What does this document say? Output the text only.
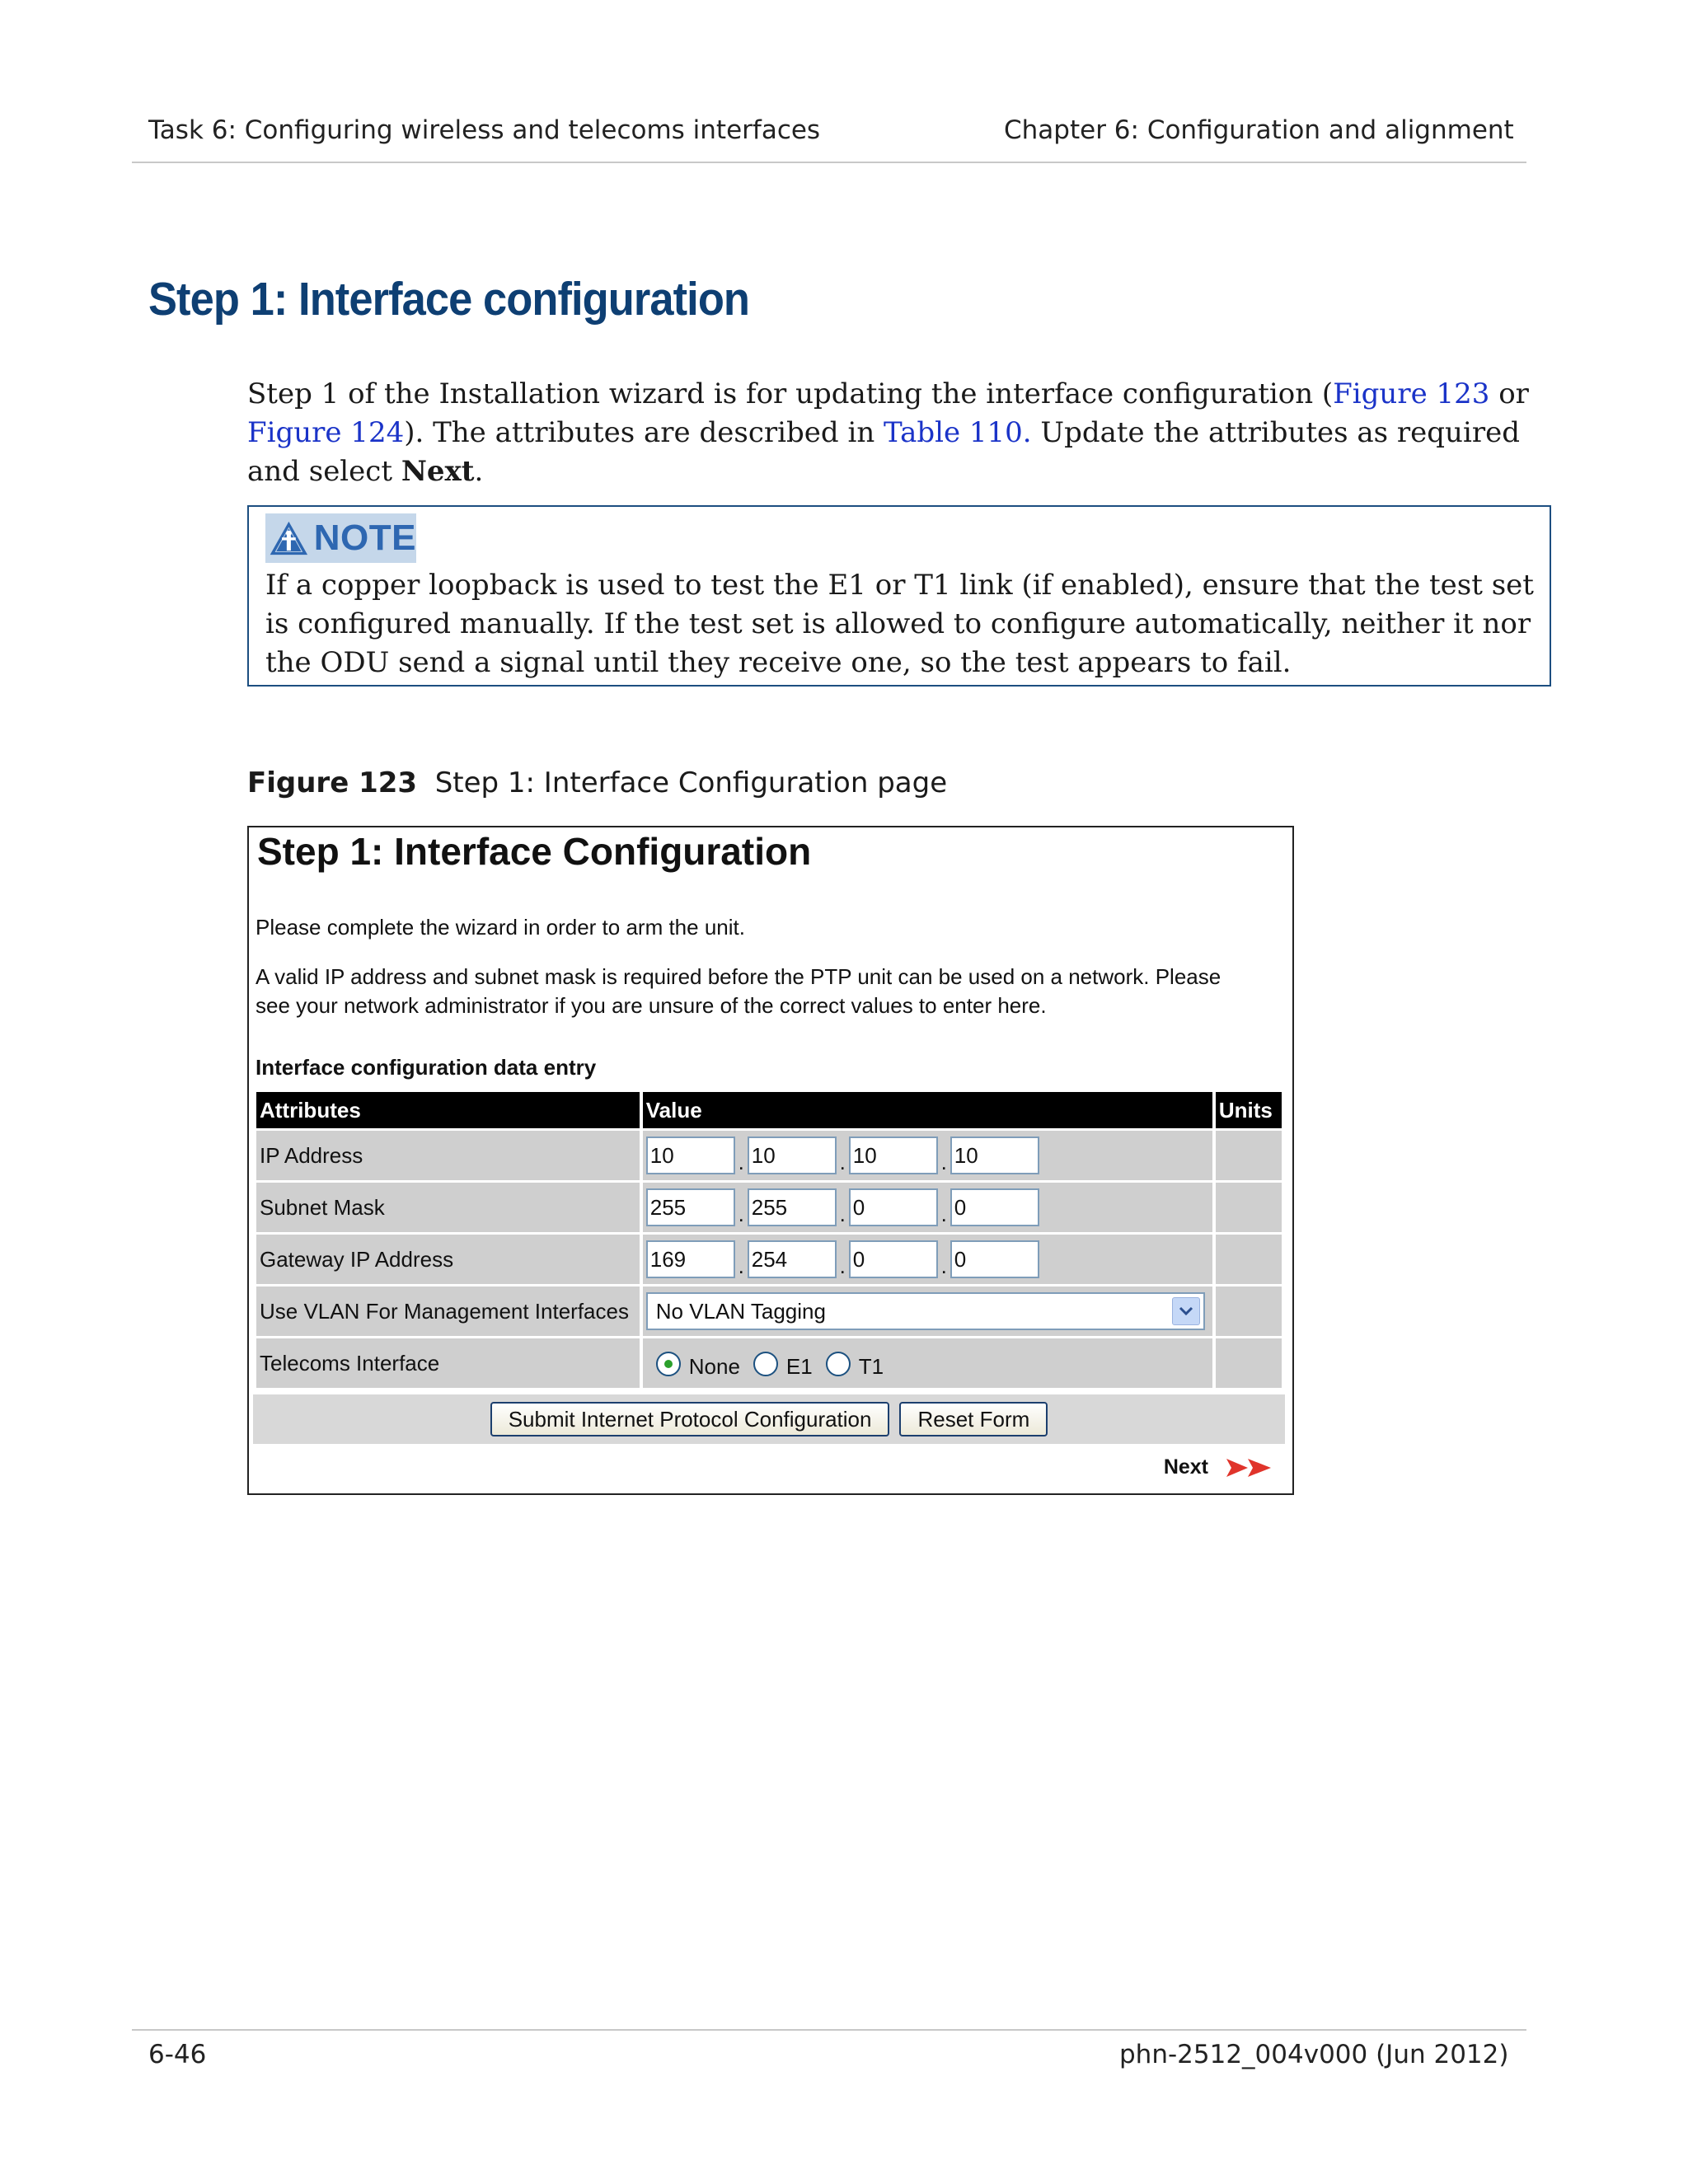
Task 6: Configuring wireless and telecoms interfaces	Chapter 6: Configuration and alignment
Step 1: Interface configuration
Step 1 of the Installation wizard is for updating the interface configuration (Figure 123 or
Figure 124). The attributes are described in Table 110. Update the attributes as required
and select Next.
NOTE
If a copper loopback is used to test the E1 or T1 link (if enabled), ensure that the test set is configured manually. If the test set is allowed to configure automatically, neither it nor the ODU send a signal until they receive one, so the test appears to fail.
Figure 123 Step 1: Interface Configuration page
Step 1: Interface Configuration
Please complete the wizard in order to arm the unit.
A valid IP address and subnet mask is required before the PTP unit can be used on a network. Please
see your network administrator if you are unsure of the correct values to enter here.
Interface configuration data entry
Attributes	Value	Units
IP Address	10 . 10 . 10 . 10	
Subnet Mask	255 . 255 . 0 . 0	
Gateway IP Address	169 . 254 . 0 . 0	
Use VLAN For Management Interfaces	No VLAN Tagging	

Telecoms Interface	None E1 T1	
Submit Internet Protocol Configuration	Reset Form
Next
6-46	phn-2512_004v000 (Jun 2012)
